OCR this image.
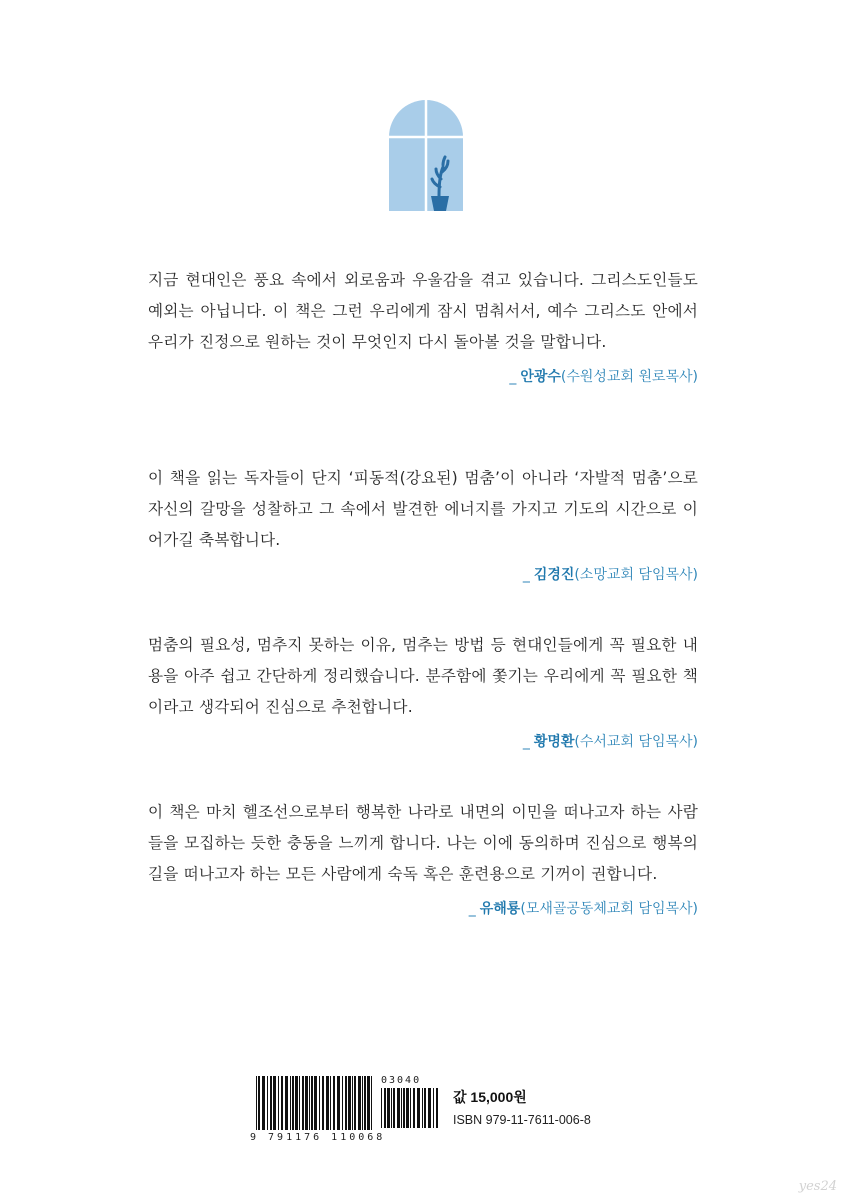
지금 현대인은 풍요 속에서 외로움과 우울감을 겪고 있습니다. 그리스도인들도 예외는 아닙니다. 이 책은 그런 우리에게 잠시 멈춰서서, 예수 그리스도 안에서 우리가 진정으로 원하는 것이 무엇인지 다시 돌아볼 것을 말합니다.

_ 안광수(수원성교회 원로목사)

이 책을 읽는 독자들이 단지 ‘피동적(강요된) 멈춤’이 아니라 ‘자발적 멈춤’으로 자신의 갈망을 성찰하고 그 속에서 발견한 에너지를 가지고 기도의 시간으로 이어가길 축복합니다.

_ 김경진(소망교회 담임목사)

멈춤의 필요성, 멈추지 못하는 이유, 멈추는 방법 등 현대인들에게 꼭 필요한 내용을 아주 쉽고 간단하게 정리했습니다. 분주함에 쫓기는 우리에게 꼭 필요한 책이라고 생각되어 진심으로 추천합니다.

_ 황명환(수서교회 담임목사)

이 책은 마치 헬조선으로부터 행복한 나라로 내면의 이민을 떠나고자 하는 사람들을 모집하는 듯한 충동을 느끼게 합니다. 나는 이에 동의하며 진심으로 행복의 길을 떠나고자 하는 모든 사람에게 숙독 혹은 훈련용으로 기꺼이 권합니다.

_ 유해룡(모새골공동체교회 담임목사)
9 791176 110068
03040
값 15,000원
ISBN 979-11-7611-006-8
yes24
